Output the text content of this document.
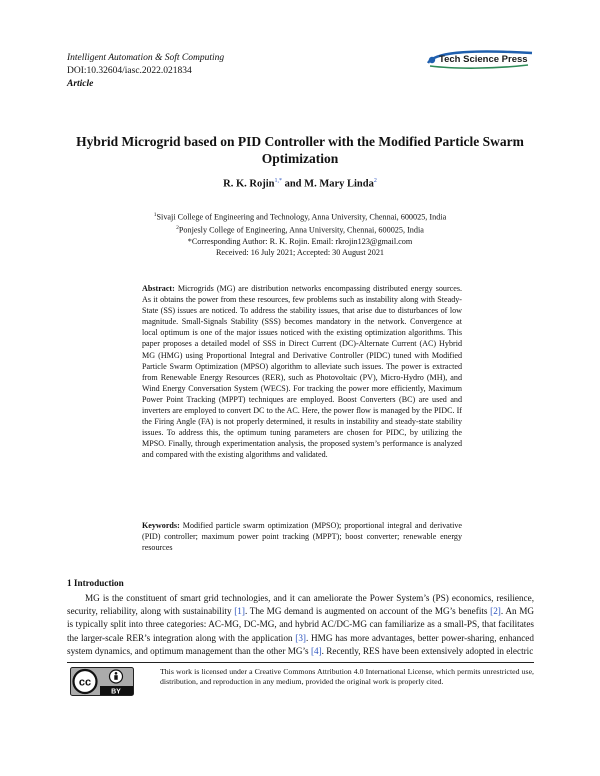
Intelligent Automation & Soft Computing
DOI:10.32604/iasc.2022.021834
Article
Tech Science Press
Hybrid Microgrid based on PID Controller with the Modified Particle Swarm Optimization
R. K. Rojin$^{1,*}$ and M. Mary Linda$^2$
$^1$Sivaji College of Engineering and Technology, Anna University, Chennai, 600025, India
$^2$Ponjesly College of Engineering, Anna University, Chennai, 600025, India
*Corresponding Author: R. K. Rojin. Email: rkrojin123@gmail.com
Received: 16 July 2021; Accepted: 30 August 2021
Abstract: Microgrids (MG) are distribution networks encompassing distributed energy sources. As it obtains the power from these resources, few problems such as instability along with Steady-State (SS) issues are noticed. To address the stability issues, that arise due to disturbances of low magnitude. Small-Signals Stability (SSS) becomes mandatory in the network. Convergence at local optimum is one of the major issues noticed with the existing optimization algorithms. This paper proposes a detailed model of SSS in Direct Current (DC)-Alternate Current (AC) Hybrid MG (HMG) using Proportional Integral and Derivative Controller (PIDC) tuned with Modified Particle Swarm Optimization (MPSO) algorithm to alleviate such issues. The power is extracted from Renewable Energy Resources (RER), such as Photovoltaic (PV), Micro-Hydro (MH), and Wind Energy Conversation System (WECS). For tracking the power more efficiently, Maximum Power Point Tracking (MPPT) techniques are employed. Boost Converters (BC) are used and inverters are employed to convert DC to the AC. Here, the power flow is managed by the PIDC. If the Firing Angle (FA) is not properly determined, it results in instability and steady-state stability issues. To address this, the optimum tuning parameters are chosen for PIDC, by utilizing the MPSO. Finally, through experimentation analysis, the proposed system’s performance is analyzed and compared with the existing algorithms and validated.
Keywords: Modified particle swarm optimization (MPSO); proportional integral and derivative (PID) controller; maximum power point tracking (MPPT); boost converter; renewable energy resources
1 Introduction
MG is the constituent of smart grid technologies, and it can ameliorate the Power System’s (PS) economics, resilience, security, reliability, along with sustainability [1]. The MG demand is augmented on account of the MG’s benefits [2]. An MG is typically split into three categories: AC-MG, DC-MG, and hybrid AC/DC-MG can familiarize as a small-PS, that facilitates the larger-scale RER’s integration along with the application [3]. HMG has more advantages, better power-sharing, enhanced system dynamics, and optimum management than the other MG’s [4]. Recently, RES have been extensively adopted in electric
cc
BY
This work is licensed under a Creative Commons Attribution 4.0 International License, which permits unrestricted use, distribution, and reproduction in any medium, provided the original work is properly cited.
